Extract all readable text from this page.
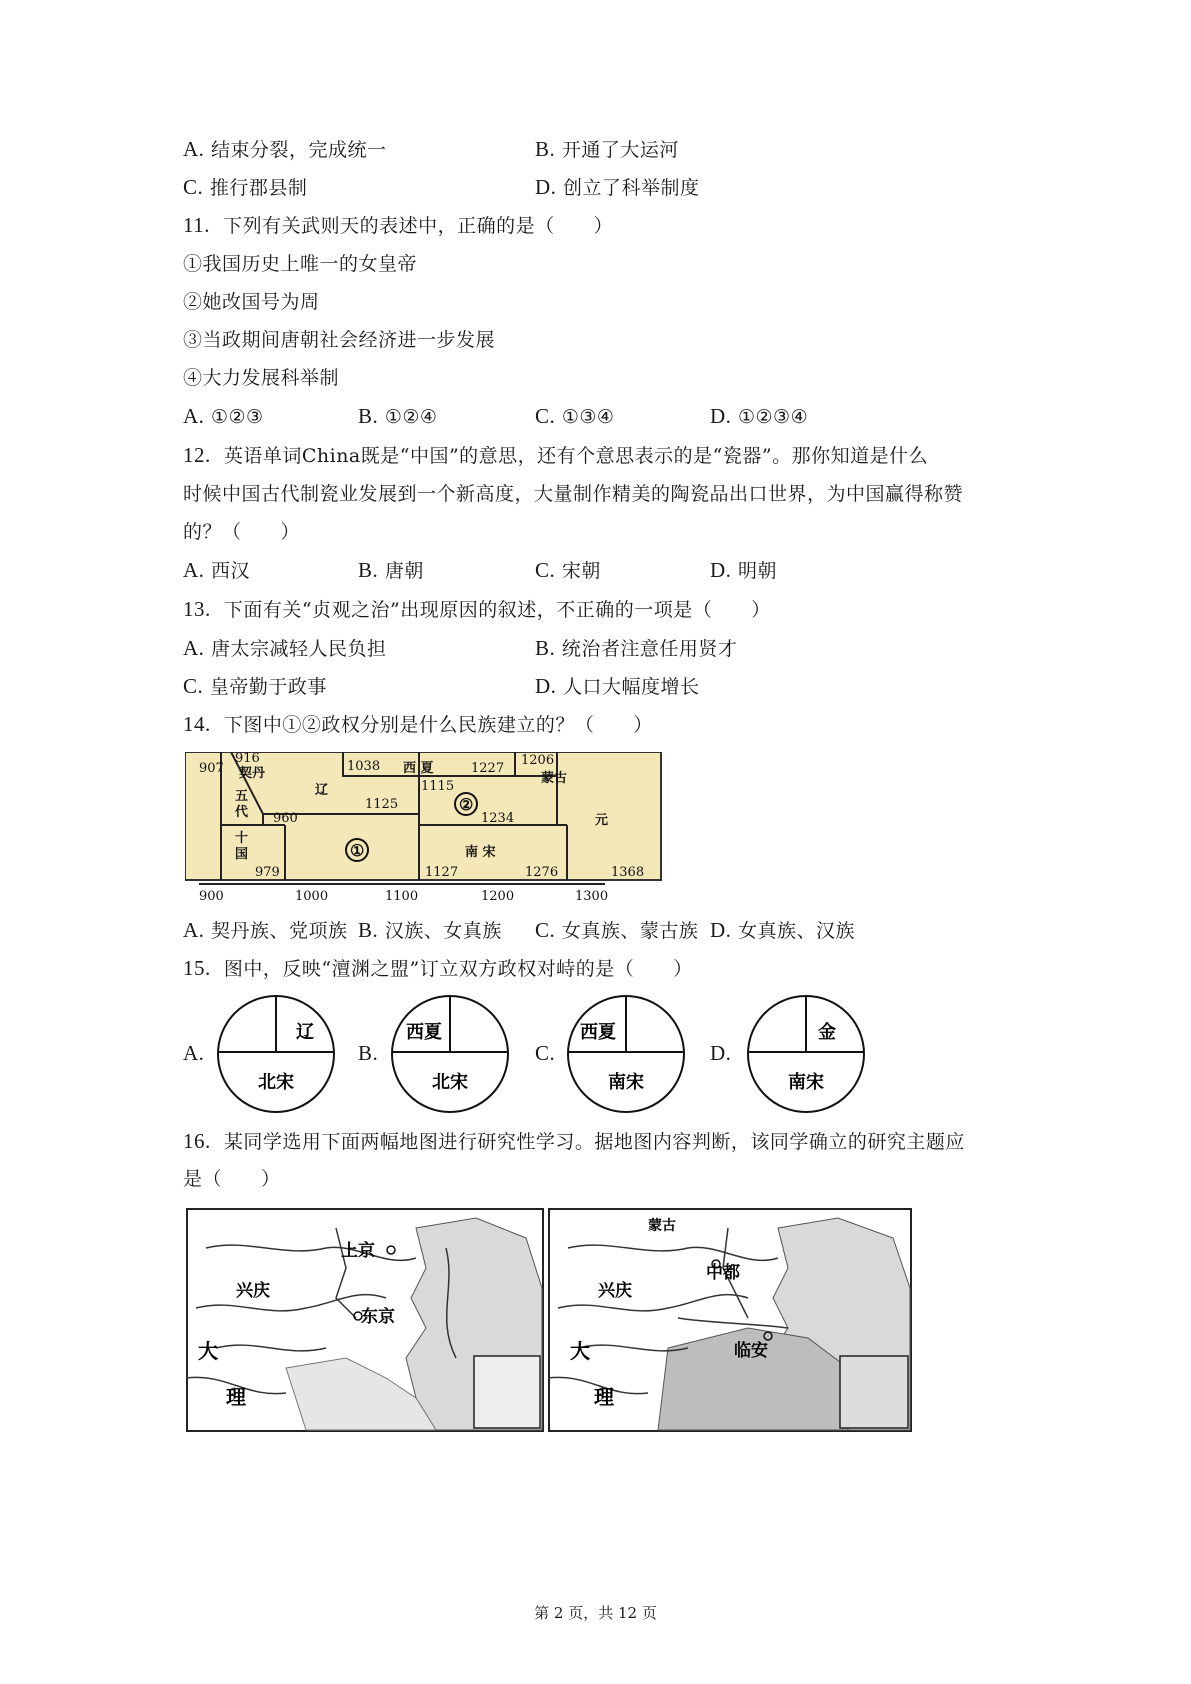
A. 结束分裂，完成统一	B. 开通了大运河
C. 推行郡县制	D. 创立了科举制度
11. 下列有关武则天的表述中，正确的是（　　）
①我国历史上唯一的女皇帝
②她改国号为周
③当政期间唐朝社会经济进一步发展
④大力发展科举制
A. ①②③	B. ①②④	C. ①③④	D. ①②③④
12. 英语单词China既是“中国”的意思，还有个意思表示的是“瓷器”。那你知道是什么
时候中国古代制瓷业发展到一个新高度，大量制作精美的陶瓷品出口世界，为中国赢得称赞
的？（　　）
A. 西汉	B. 唐朝	C. 宋朝	D. 明朝
13. 下面有关“贞观之治”出现原因的叙述，不正确的一项是（　　）
A. 唐太宗减轻人民负担	B. 统治者注意任用贤才
C. 皇帝勤于政事	D. 人口大幅度增长
14. 下图中①②政权分别是什么民族建立的？（　　）
907
916
契丹
辽
五
代
十
国
960
979
1125
1038 西 夏	1227
1115
②
1206
蒙古
元
1234
①	南 宋
1127	1276	1368
900	1000	1100	1200	1300
A. 契丹族、党项族 B. 汉族、女真族 C. 女真族、蒙古族 D. 女真族、汉族
15. 图中，反映“澶渊之盟”订立双方政权对峙的是（　　）
A.
辽
北宋
B.
西夏
北宋
C.
西夏
南宋
D.
金
南宋
16. 某同学选用下面两幅地图进行研究性学习。据地图内容判断，该同学确立的研究主题应
是（　　）
上京
兴庆
东京
大
理
蒙古
中都
兴庆
临安
大
理
第 2 页，共 12 页
